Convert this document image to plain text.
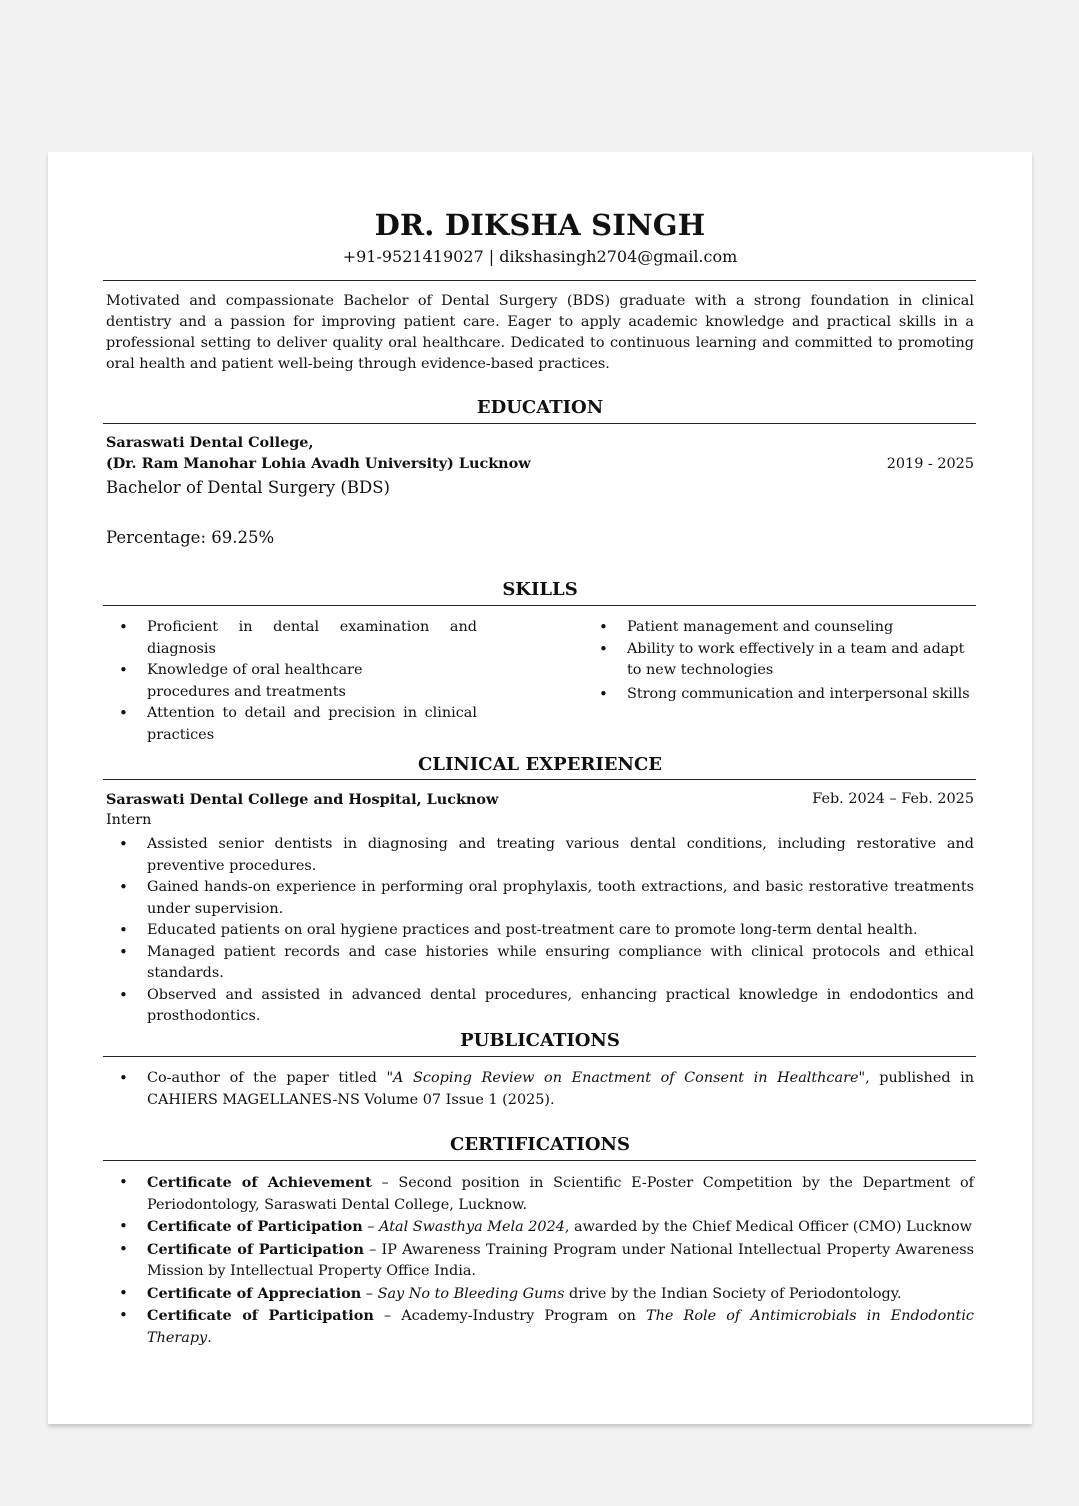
DR. DIKSHA SINGH
+91-9521419027 | dikshasingh2704@gmail.com
Motivated and compassionate Bachelor of Dental Surgery (BDS) graduate with a strong foundation in clinical dentistry and a passion for improving patient care. Eager to apply academic knowledge and practical skills in a professional setting to deliver quality oral healthcare. Dedicated to continuous learning and committed to promoting oral health and patient well-being through evidence-based practices.
EDUCATION
Saraswati Dental College,
(Dr. Ram Manohar Lohia Avadh University) Lucknow	2019 - 2025
Bachelor of Dental Surgery (BDS)
Percentage: 69.25%
SKILLS
• Proficient in dental examination and diagnosis
• Knowledge of oral healthcare procedures and treatments
• Attention to detail and precision in clinical practices
• Patient management and counseling
• Ability to work effectively in a team and adapt to new technologies
• Strong communication and interpersonal skills
CLINICAL EXPERIENCE
Saraswati Dental College and Hospital, Lucknow	Feb. 2024 – Feb. 2025
Intern
• Assisted senior dentists in diagnosing and treating various dental conditions, including restorative and preventive procedures.
• Gained hands-on experience in performing oral prophylaxis, tooth extractions, and basic restorative treatments under supervision.
• Educated patients on oral hygiene practices and post-treatment care to promote long-term dental health.
• Managed patient records and case histories while ensuring compliance with clinical protocols and ethical standards.
• Observed and assisted in advanced dental procedures, enhancing practical knowledge in endodontics and prosthodontics.
PUBLICATIONS
• Co-author of the paper titled "A Scoping Review on Enactment of Consent in Healthcare", published in CAHIERS MAGELLANES-NS Volume 07 Issue 1 (2025).
CERTIFICATIONS
• Certificate of Achievement – Second position in Scientific E-Poster Competition by the Department of Periodontology, Saraswati Dental College, Lucknow.
• Certificate of Participation – Atal Swasthya Mela 2024, awarded by the Chief Medical Officer (CMO) Lucknow
• Certificate of Participation – IP Awareness Training Program under National Intellectual Property Awareness Mission by Intellectual Property Office India.
• Certificate of Appreciation – Say No to Bleeding Gums drive by the Indian Society of Periodontology.
• Certificate of Participation – Academy-Industry Program on The Role of Antimicrobials in Endodontic Therapy.
